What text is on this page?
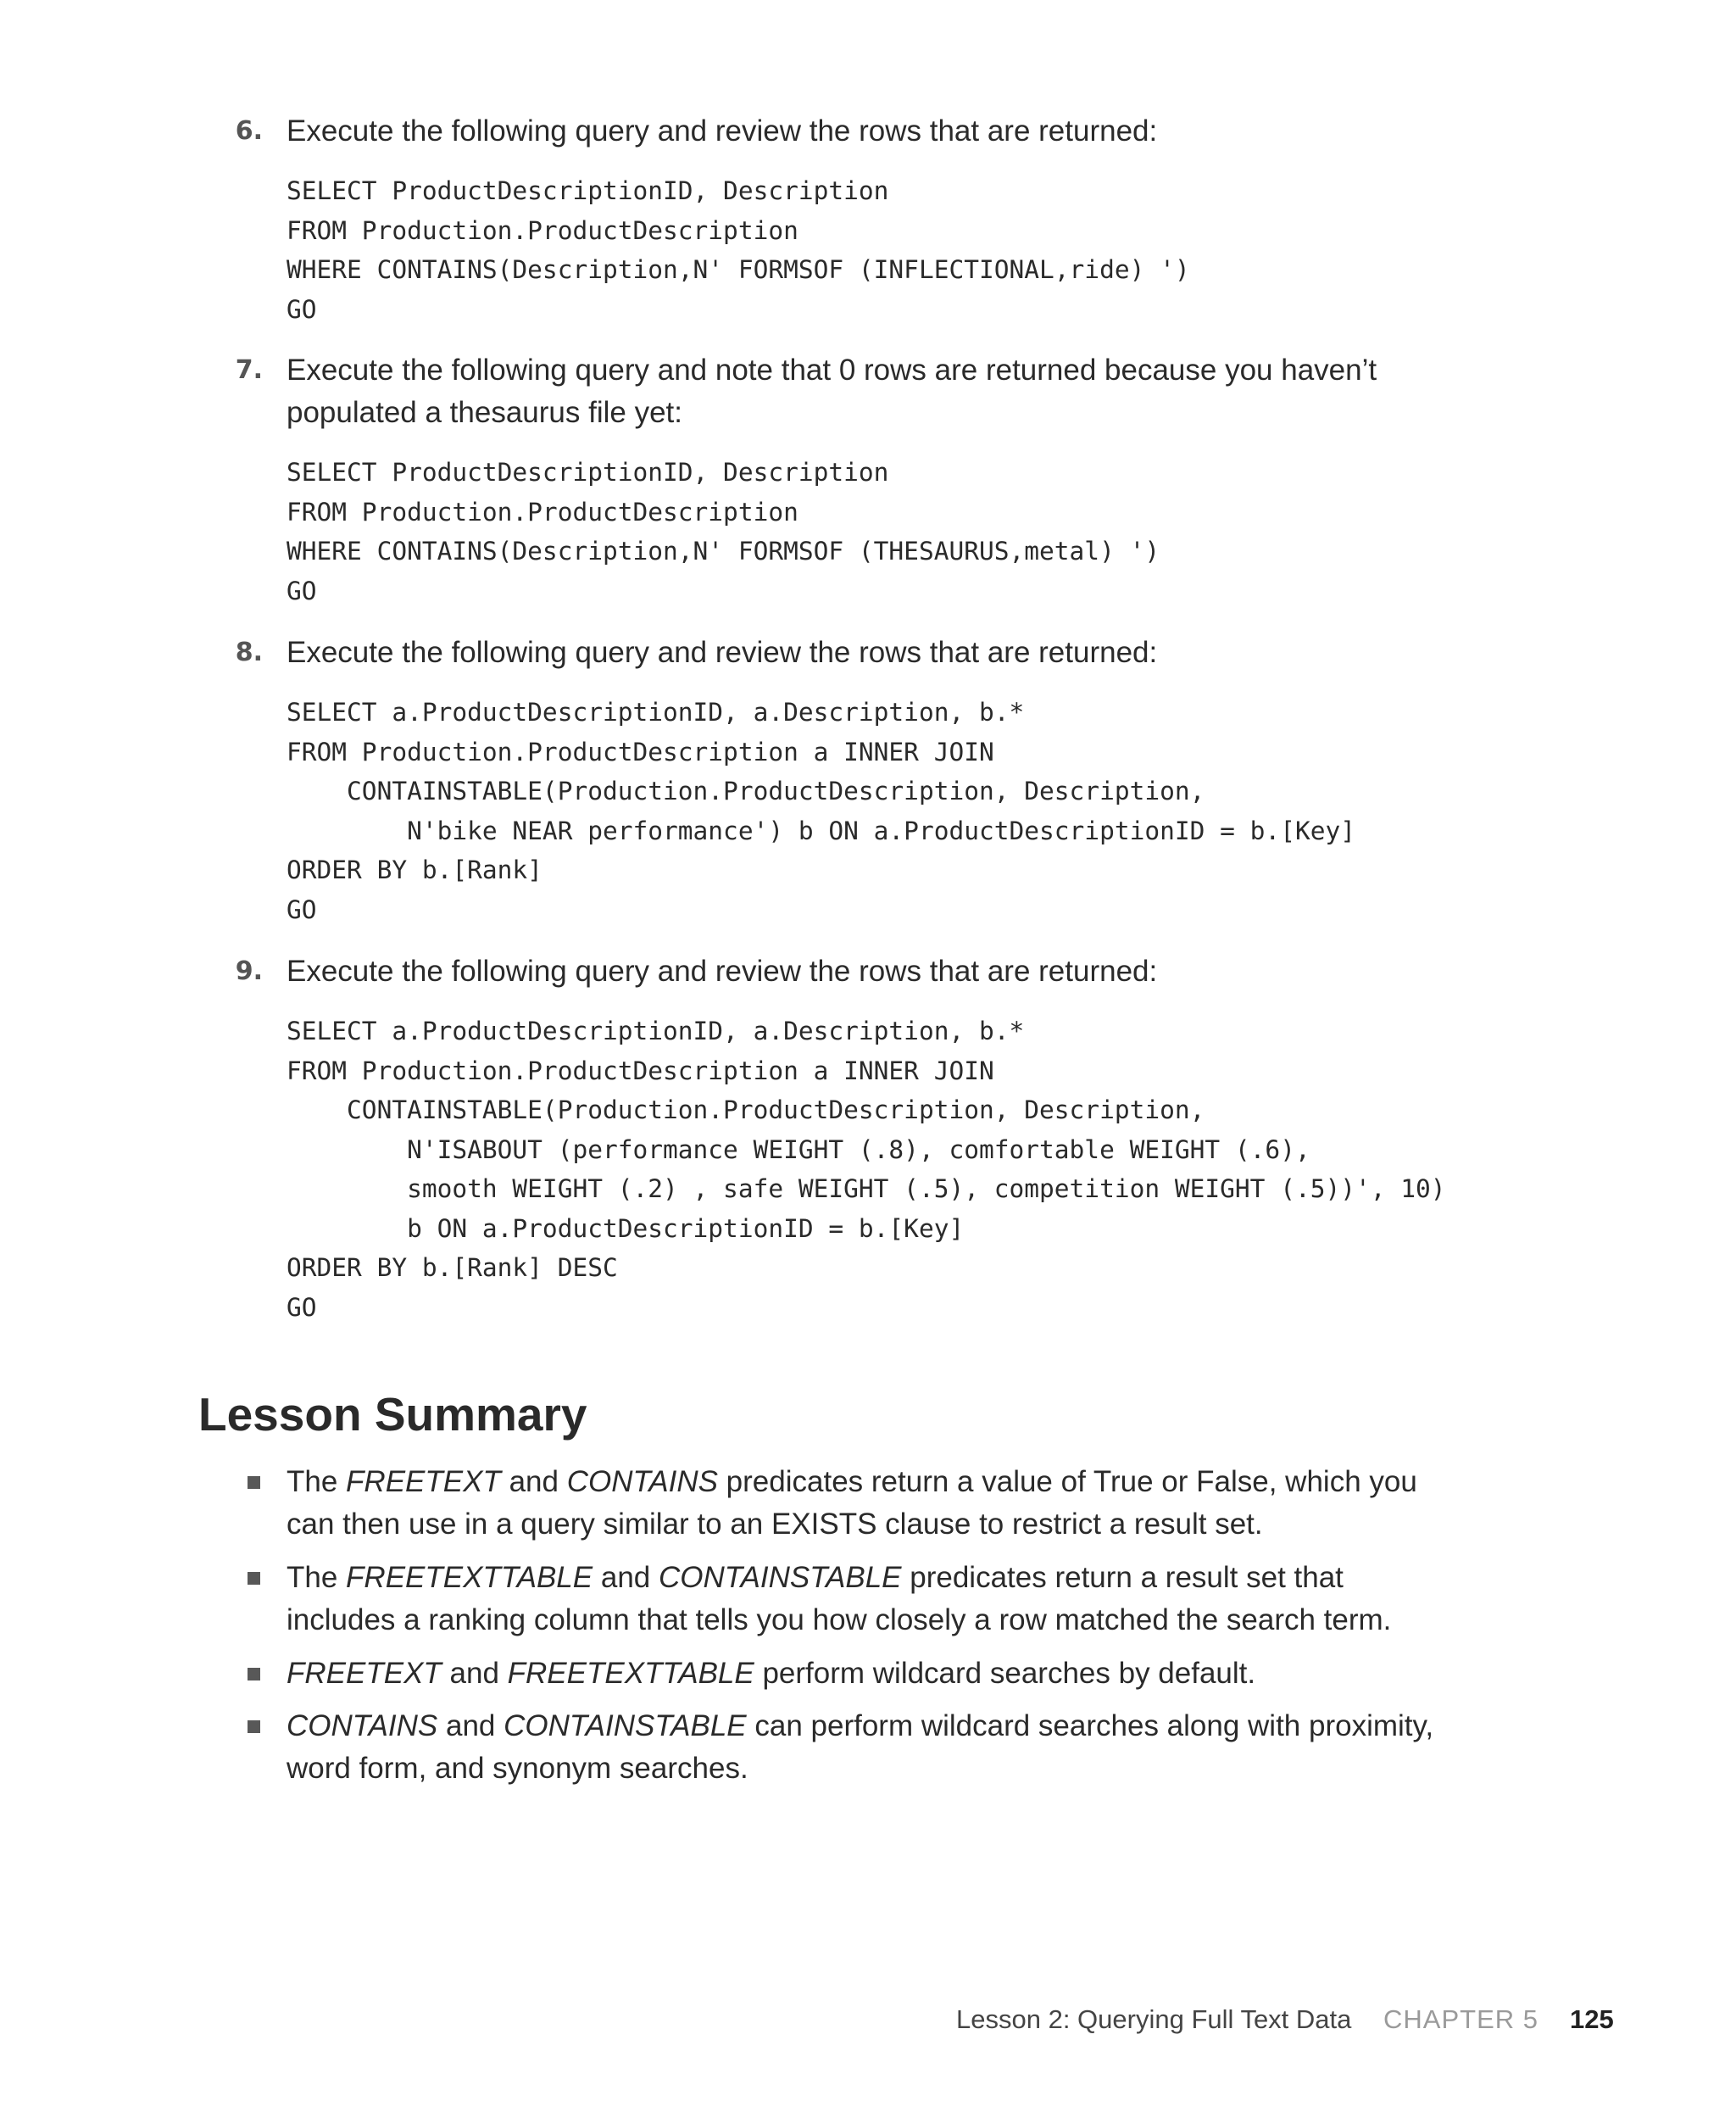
6. Execute the following query and review the rows that are returned:
SELECT ProductDescriptionID, Description
FROM Production.ProductDescription
WHERE CONTAINS(Description,N' FORMSOF (INFLECTIONAL,ride) ')
GO
7. Execute the following query and note that 0 rows are returned because you haven’t populated a thesaurus file yet:
SELECT ProductDescriptionID, Description
FROM Production.ProductDescription
WHERE CONTAINS(Description,N' FORMSOF (THESAURUS,metal) ')
GO
8. Execute the following query and review the rows that are returned:
SELECT a.ProductDescriptionID, a.Description, b.*
FROM Production.ProductDescription a INNER JOIN
CONTAINSTABLE(Production.ProductDescription, Description,
N'bike NEAR performance') b ON a.ProductDescriptionID = b.[Key]
ORDER BY b.[Rank]
GO
9. Execute the following query and review the rows that are returned:
SELECT a.ProductDescriptionID, a.Description, b.*
FROM Production.ProductDescription a INNER JOIN
CONTAINSTABLE(Production.ProductDescription, Description,
N'ISABOUT (performance WEIGHT (.8), comfortable WEIGHT (.6),
smooth WEIGHT (.2) , safe WEIGHT (.5), competition WEIGHT (.5))', 10)
b ON a.ProductDescriptionID = b.[Key]
ORDER BY b.[Rank] DESC
GO
Lesson Summary
The FREETEXT and CONTAINS predicates return a value of True or False, which you can then use in a query similar to an EXISTS clause to restrict a result set.
The FREETEXTTABLE and CONTAINSTABLE predicates return a result set that includes a ranking column that tells you how closely a row matched the search term.
FREETEXT and FREETEXTTABLE perform wildcard searches by default.
CONTAINS and CONTAINSTABLE can perform wildcard searches along with proximity, word form, and synonym searches.
Lesson 2: Querying Full Text Data CHAPTER 5 125
